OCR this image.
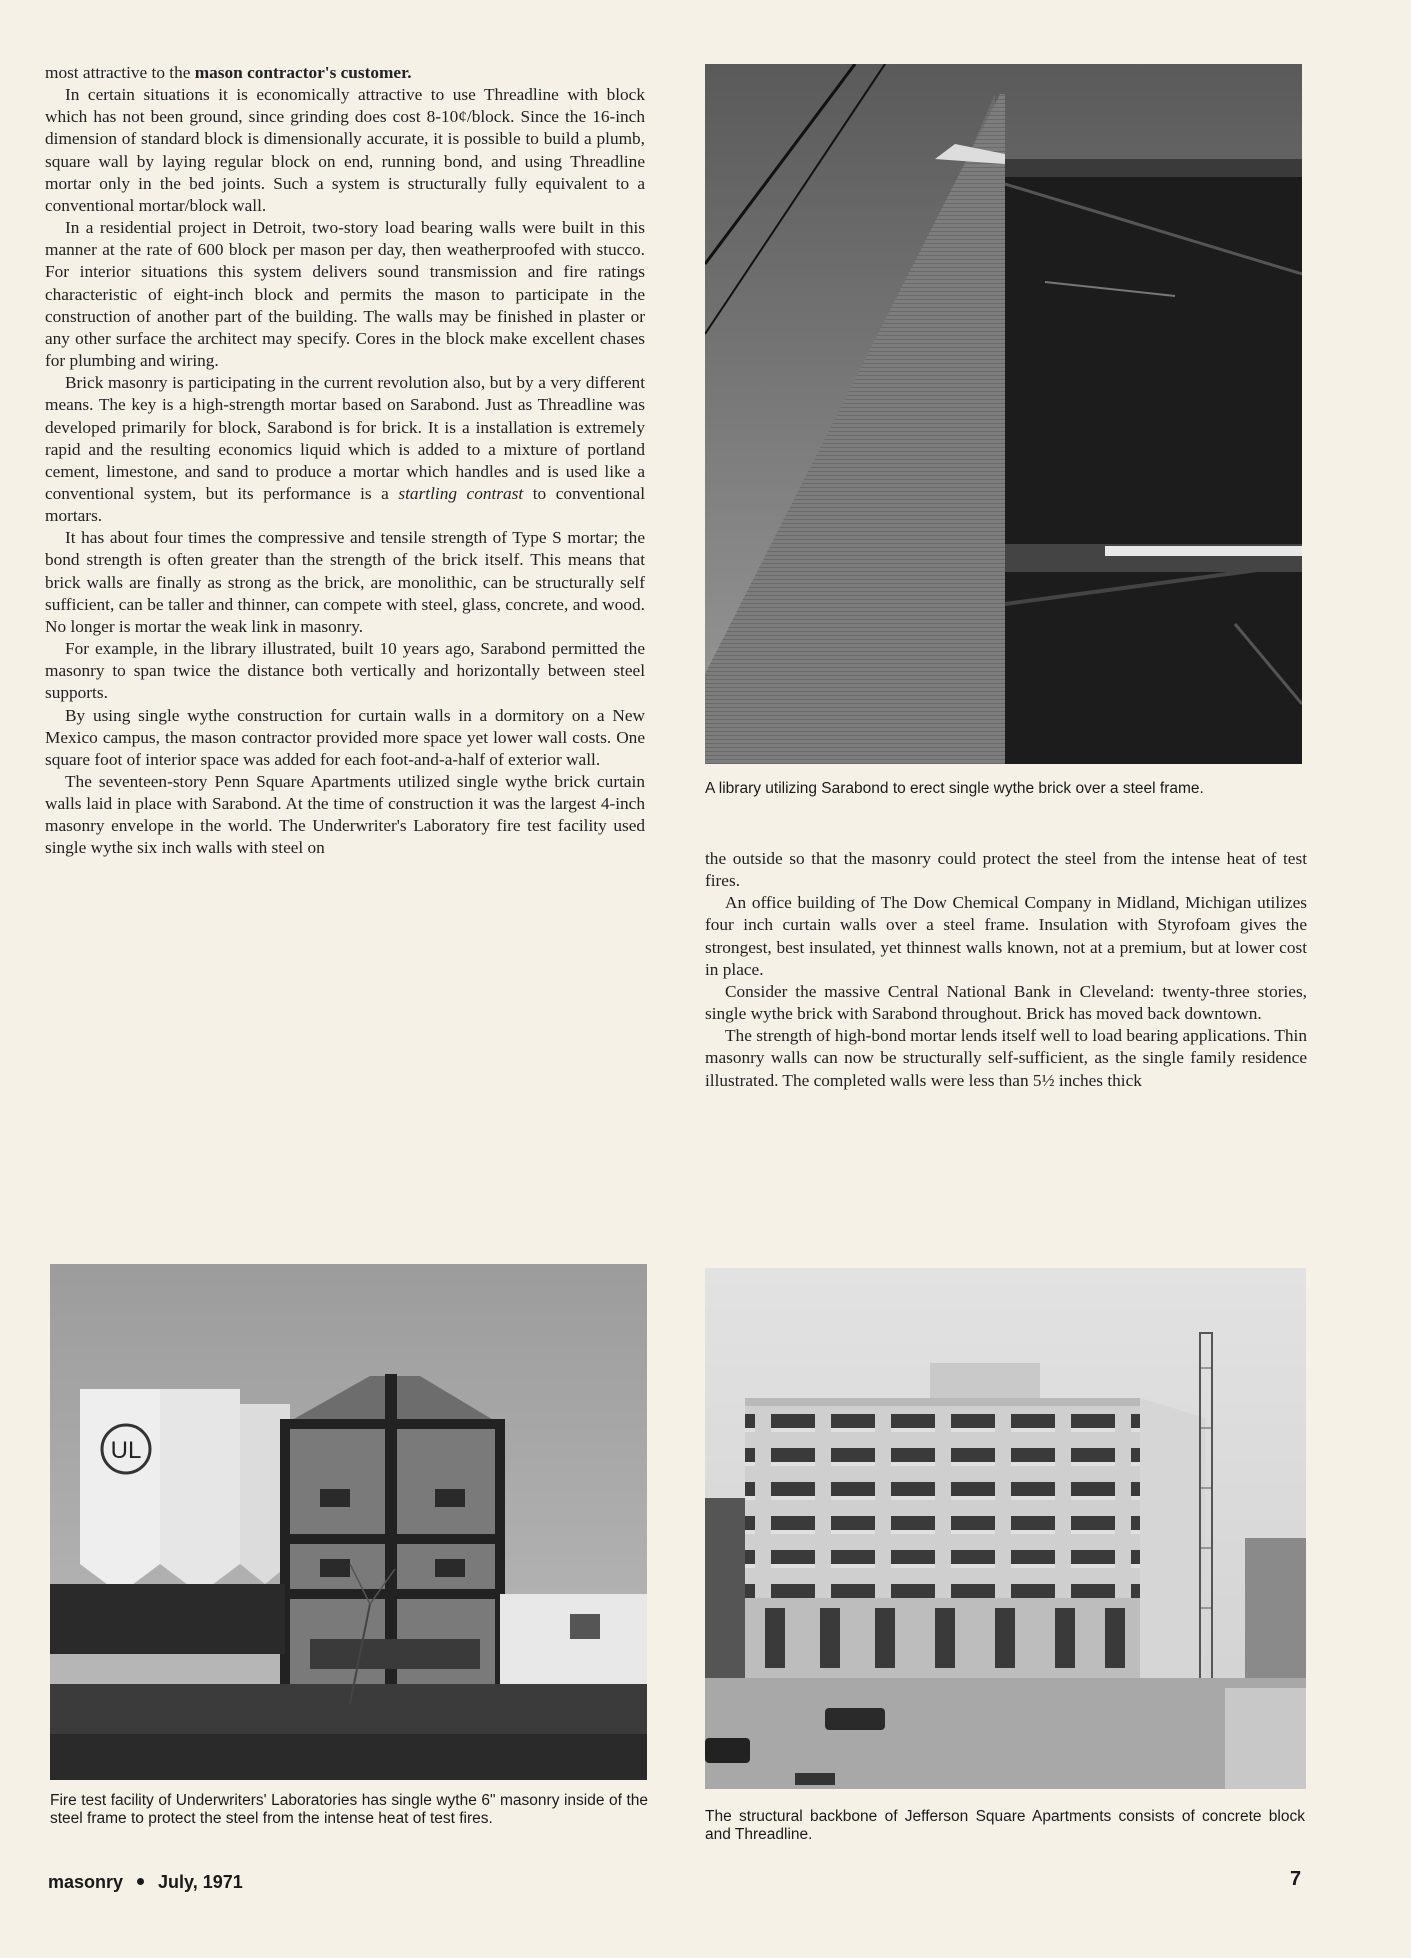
most attractive to the mason contractor's customer.

In certain situations it is economically attractive to use Threadline with block which has not been ground, since grinding does cost 8-10¢/block. Since the 16-inch dimension of standard block is dimensionally accurate, it is possible to build a plumb, square wall by laying regular block on end, running bond, and using Threadline mortar only in the bed joints. Such a system is structurally fully equivalent to a conventional mortar/block wall.

In a residential project in Detroit, two-story load bearing walls were built in this manner at the rate of 600 block per mason per day, then weatherproofed with stucco. For interior situations this system delivers sound transmission and fire ratings characteristic of eight-inch block and permits the mason to participate in the construction of another part of the building. The walls may be finished in plaster or any other surface the architect may specify. Cores in the block make excellent chases for plumbing and wiring.

Brick masonry is participating in the current revolution also, but by a very different means. The key is a high-strength mortar based on Sarabond. Just as Threadline was developed primarily for block, Sarabond is for brick. It is a installation is extremely rapid and the resulting economics liquid which is added to a mixture of portland cement, limestone, and sand to produce a mortar which handles and is used like a conventional system, but its performance is a startling contrast to conventional mortars.

It has about four times the compressive and tensile strength of Type S mortar; the bond strength is often greater than the strength of the brick itself. This means that brick walls are finally as strong as the brick, are monolithic, can be structurally self sufficient, can be taller and thinner, can compete with steel, glass, concrete, and wood. No longer is mortar the weak link in masonry.

For example, in the library illustrated, built 10 years ago, Sarabond permitted the masonry to span twice the distance both vertically and horizontally between steel supports.

By using single wythe construction for curtain walls in a dormitory on a New Mexico campus, the mason contractor provided more space yet lower wall costs. One square foot of interior space was added for each foot-and-a-half of exterior wall.

The seventeen-story Penn Square Apartments utilized single wythe brick curtain walls laid in place with Sarabond. At the time of construction it was the largest 4-inch masonry envelope in the world. The Underwriter's Laboratory fire test facility used single wythe six inch walls with steel on

the outside so that the masonry could protect the steel from the intense heat of test fires.

An office building of The Dow Chemical Company in Midland, Michigan utilizes four inch curtain walls over a steel frame. Insulation with Styrofoam gives the strongest, best insulated, yet thinnest walls known, not at a premium, but at lower cost in place.

Consider the massive Central National Bank in Cleveland: twenty-three stories, single wythe brick with Sarabond throughout. Brick has moved back downtown.

The strength of high-bond mortar lends itself well to load bearing applications. Thin masonry walls can now be structurally self-sufficient, as the single family residence illustrated. The completed walls were less than 5½ inches thick

A library utilizing Sarabond to erect single wythe brick over a steel frame.
UL
Fire test facility of Underwriters' Laboratories has single wythe 6" masonry inside of the steel frame to protect the steel from the intense heat of test fires.	The structural backbone of Jefferson Square Apartments consists of concrete block and Threadline.
masonry July, 1971	7
